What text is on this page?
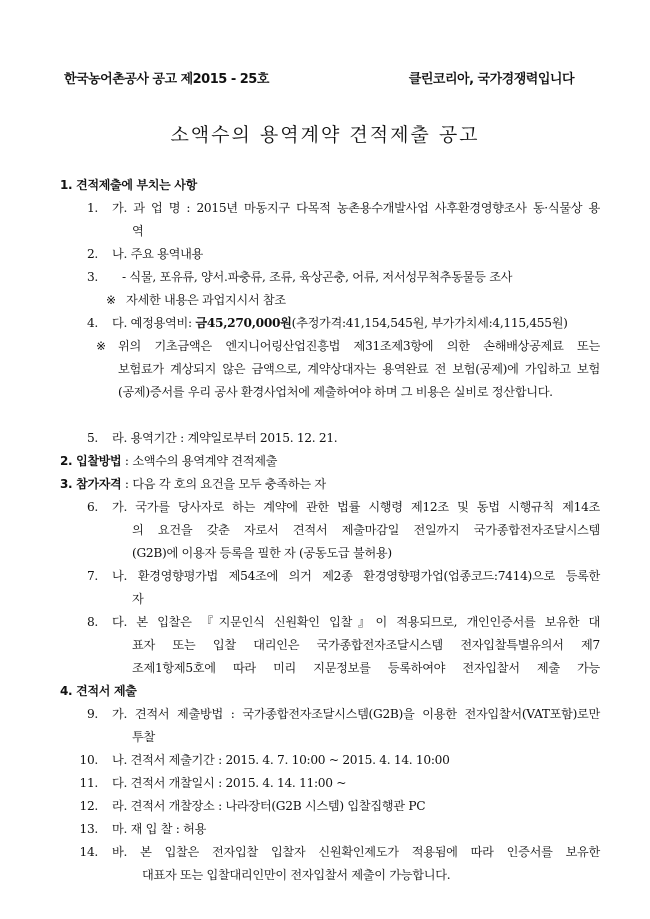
한국농어촌공사 공고 제2015 - 25호	클린코리아, 국가경쟁력입니다
소액수의 용역계약 견적제출 공고
1. 견적제출에 부치는 사항
1. 가. 과 업 명 : 2015년 마동지구 다목적 농촌용수개발사업 사후환경영향조사 동·식물상 용
역
2. 나. 주요 용역내용
3. - 식물, 포유류, 양서.파충류, 조류, 육상곤충, 어류, 저서성무척추동물등 조사
※ 자세한 내용은 과업지시서 참조
4. 다. 예정용역비: 금45,270,000원(추정가격:41,154,545원, 부가가치세:4,115,455원)
※ 위의 기초금액은 엔지니어링산업진흥법 제31조제3항에 의한 손해배상공제료 또는
보험료가 계상되지 않은 금액으로, 계약상대자는 용역완료 전 보험(공제)에 가입하고 보험
(공제)증서를 우리 공사 환경사업처에 제출하여야 하며 그 비용은 실비로 정산합니다.
5. 라. 용역기간 : 계약일로부터 2015. 12. 21.
2. 입찰방법 : 소액수의 용역계약 견적제출
3. 참가자격 : 다음 각 호의 요건을 모두 충족하는 자
6. 가. 국가를 당사자로 하는 계약에 관한 법률 시행령 제12조 및 동법 시행규칙 제14조
의 요건을 갖춘 자로서 견적서 제출마감일 전일까지 국가종합전자조달시스템
(G2B)에 이용자 등록을 필한 자 (공동도급 불허용)
7. 나. 환경영향평가법 제54조에 의거 제2종 환경영향평가업(업종코드:7414)으로 등록한
자
8. 다. 본 입찰은 『지문인식 신원확인 입찰』이 적용되므로, 개인인증서를 보유한 대
표자 또는 입찰 대리인은 국가종합전자조달시스템 전자입찰특별유의서 제7
조제1항제5호에 따라 미리 지문정보를 등록하여야 전자입찰서 제출 가능
4. 견적서 제출
9. 가. 견적서 제출방법 : 국가종합전자조달시스템(G2B)을 이용한 전자입찰서(VAT포함)로만
투찰
10. 나. 견적서 제출기간 : 2015. 4. 7. 10:00 ~ 2015. 4. 14. 10:00
11. 다. 견적서 개찰일시 : 2015. 4. 14. 11:00 ~
12. 라. 견적서 개찰장소 : 나라장터(G2B 시스템) 입찰집행관 PC
13. 마. 재 입 찰 : 허용
14. 바. 본 입찰은 전자입찰 입찰자 신원확인제도가 적용됨에 따라 인증서를 보유한
대표자 또는 입찰대리인만이 전자입찰서 제출이 가능합니다.
